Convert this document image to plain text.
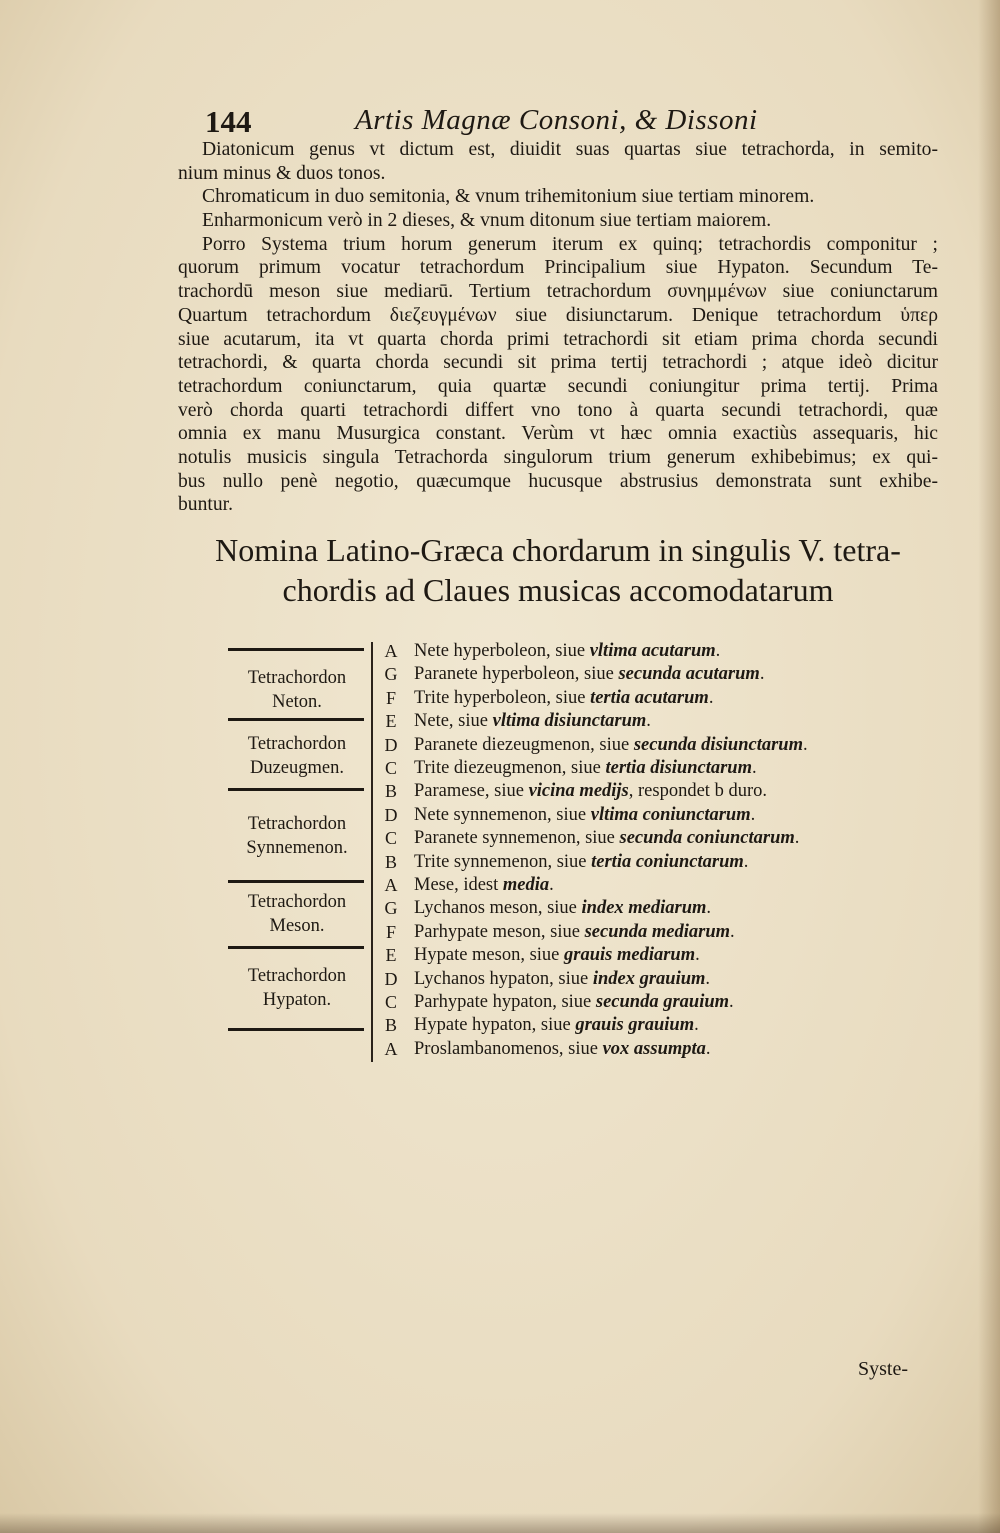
144	Artis Magnæ Consoni, & Dissoni
Diatonicum genus vt dictum est, diuidit suas quartas siue tetrachorda, in semito-
nium minus & duos tonos.
Chromaticum in duo semitonia, & vnum trihemitonium siue tertiam minorem.
Enharmonicum verò in 2 dieses, & vnum ditonum siue tertiam maiorem.
Porro Systema trium horum generum iterum ex quinq; tetrachordis componitur ;
quorum primum vocatur tetrachordum Principalium siue Hypaton. Secundum Te-
trachordū meson siue mediarū. Tertium tetrachordum συνημμένων siue coniunctarum
Quartum tetrachordum διεζευγμένων siue disiunctarum. Denique tetrachordum ὑπερ
siue acutarum, ita vt quarta chorda primi tetrachordi sit etiam prima chorda secundi
tetrachordi, & quarta chorda secundi sit prima tertij tetrachordi ; atque ideò dicitur
tetrachordum coniunctarum, quia quartæ secundi coniungitur prima tertij. Prima
verò chorda quarti tetrachordi differt vno tono à quarta secundi tetrachordi, quæ
omnia ex manu Musurgica constant. Verùm vt hæc omnia exactiùs assequaris, hic
notulis musicis singula Tetrachorda singulorum trium generum exhibebimus; ex qui-
bus nullo penè negotio, quæcumque hucusque abstrusius demonstrata sunt exhibe-
buntur.
Nomina Latino-Græca chordarum in singulis V. tetra-
chordis ad Claues musicas accomodatarum
Tetrachordon
Neton.
Tetrachordon
Duzeugmen.
Tetrachordon
Synnemenon.
Tetrachordon
Meson.
Tetrachordon
Hypaton.
A Nete hyperboleon, siue vltima acutarum.
G Paranete hyperboleon, siue secunda acutarum.
F Trite hyperboleon, siue tertia acutarum.
E Nete, siue vltima disiunctarum.
D Paranete diezeugmenon, siue secunda disiunctarum.
C Trite diezeugmenon, siue tertia disiunctarum.
B Paramese, siue vicina medijs, respondet b duro.
D Nete synnemenon, siue vltima coniunctarum.
C Paranete synnemenon, siue secunda coniunctarum.
B Trite synnemenon, siue tertia coniunctarum.
A Mese, idest media.
G Lychanos meson, siue index mediarum.
F Parhypate meson, siue secunda mediarum.
E Hypate meson, siue grauis mediarum.
D Lychanos hypaton, siue index grauium.
C Parhypate hypaton, siue secunda grauium.
B Hypate hypaton, siue grauis grauium.
A Proslambanomenos, siue vox assumpta.
Syste-
